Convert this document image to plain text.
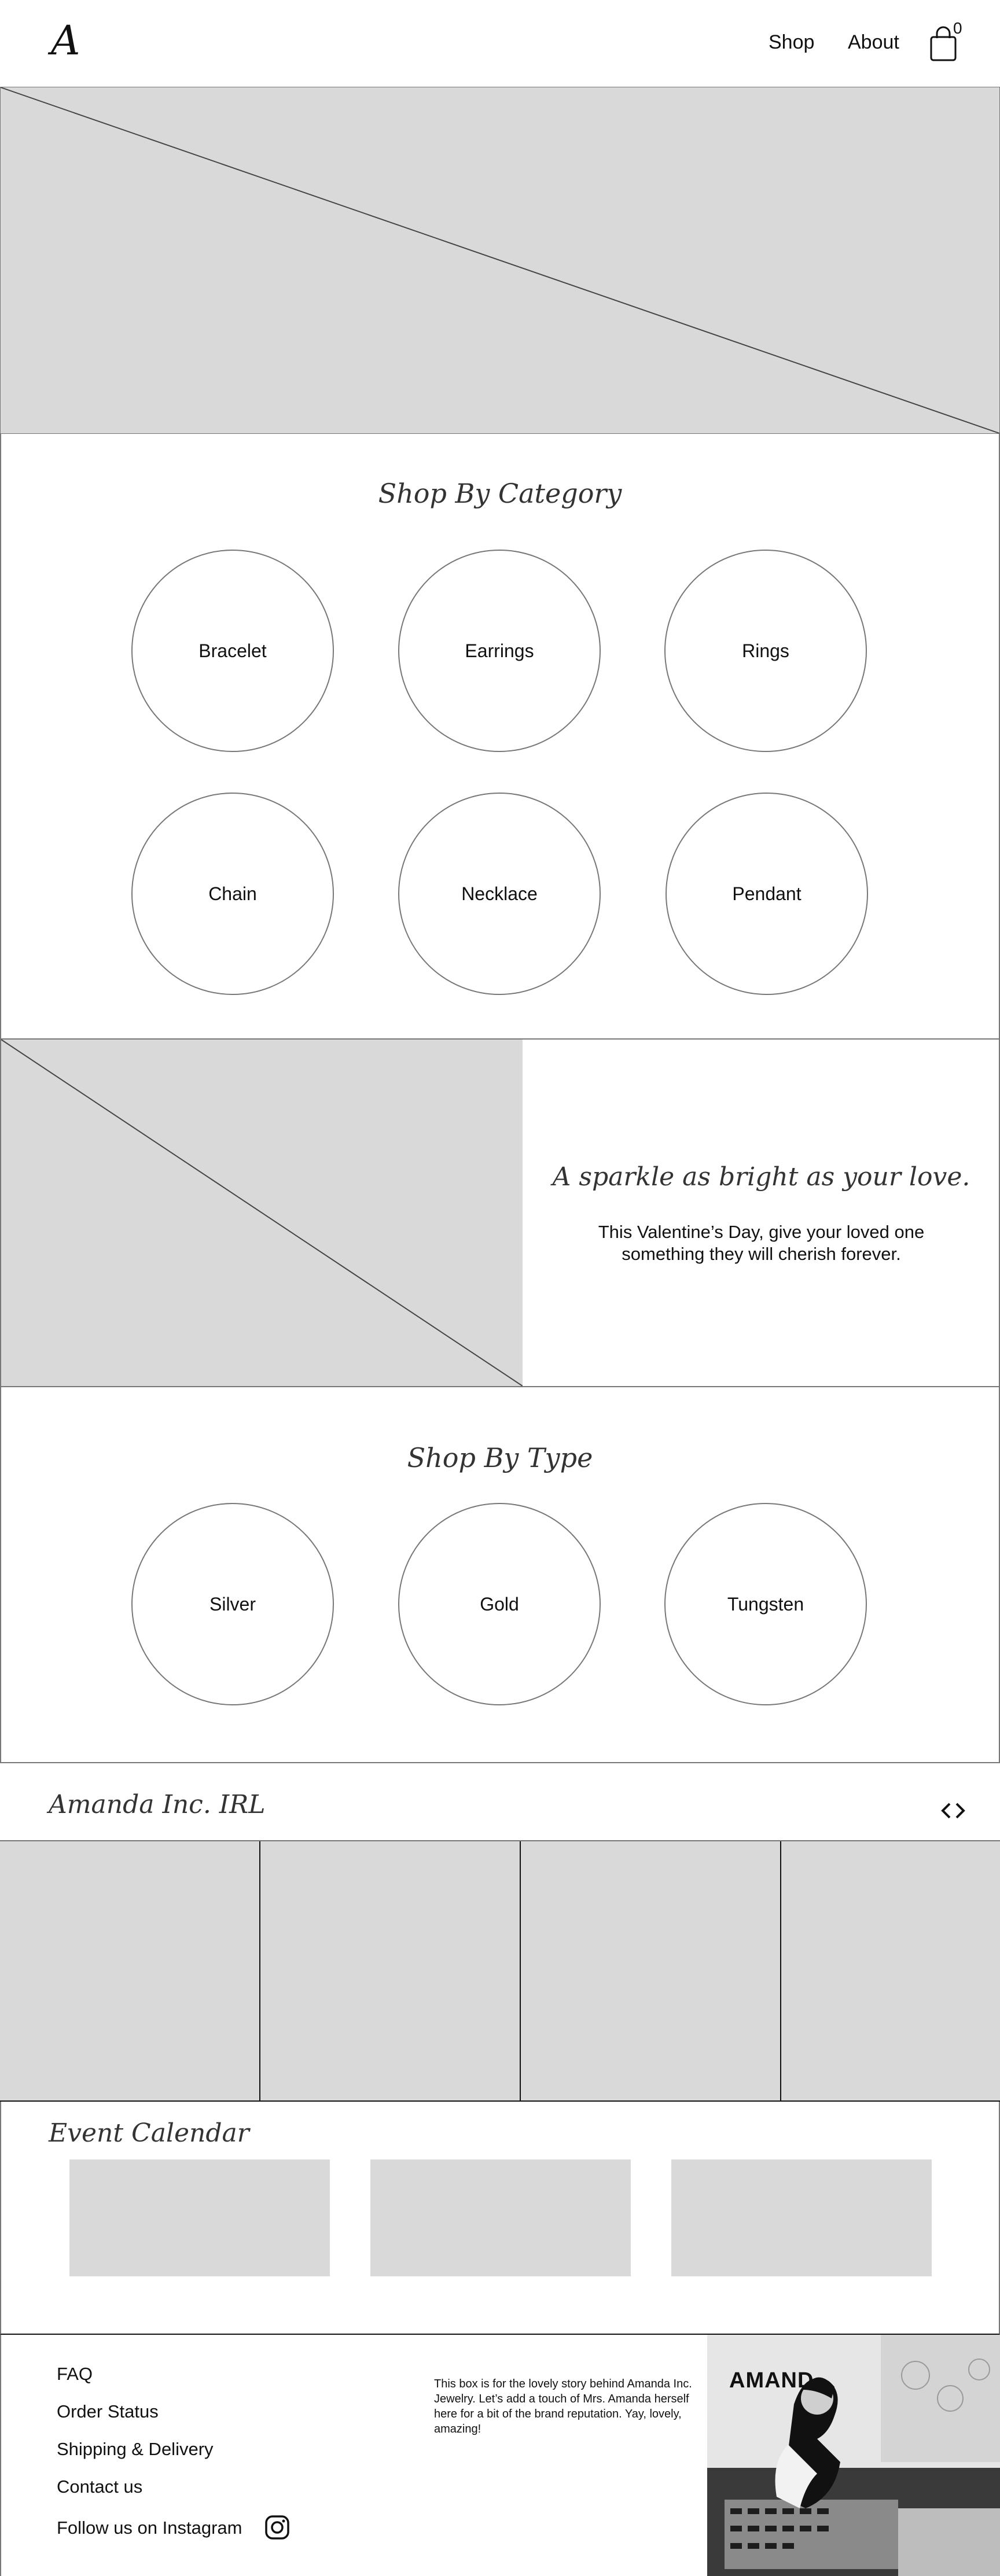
A	Shop About
0
Shop By Category
Bracelet	Earrings	Rings
Chain	Necklace	Pendant
A sparkle as bright as your love.
This Valentine’s Day, give your loved one something they will cherish forever.
Shop By Type
Silver	Gold	Tungsten
Amanda Inc. IRL
Event Calendar
FAQ
Order Status
Shipping & Delivery
Contact us
Follow us on Instagram
This box is for the lovely story behind Amanda Inc. Jewelry. Let’s add a touch of Mrs. Amanda herself here for a bit of the brand reputation. Yay, lovely, amazing!
AMAND
